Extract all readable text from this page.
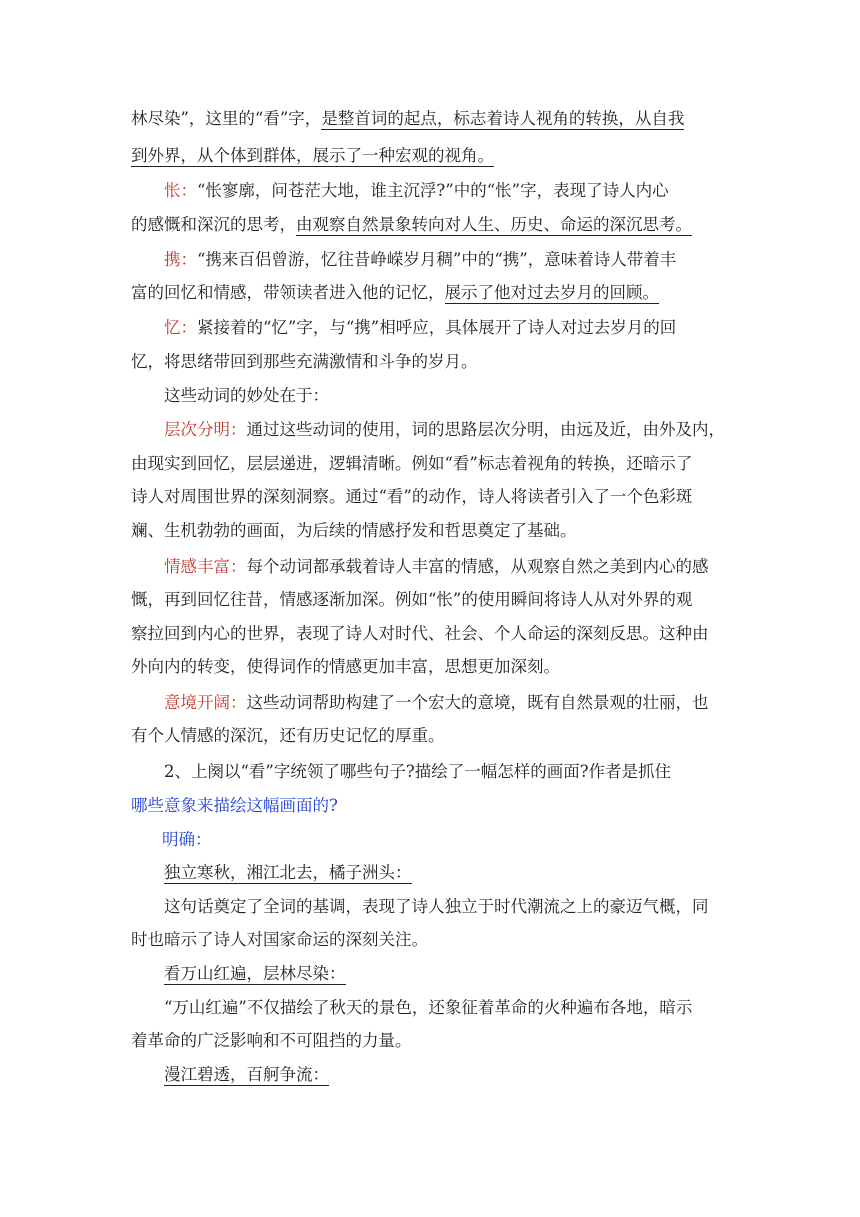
林尽染”，这里的“看”字，是整首词的起点，标志着诗人视角的转换，从自我
到外界，从个体到群体，展示了一种宏观的视角。
怅：“怅寥廓，问苍茫大地，谁主沉浮?”中的“怅”字，表现了诗人内心
的感慨和深沉的思考，由观察自然景象转向对人生、历史、命运的深沉思考。
携：“携来百侣曾游，忆往昔峥嵘岁月稠”中的“携”，意味着诗人带着丰
富的回忆和情感，带领读者进入他的记忆，展示了他对过去岁月的回顾。
忆：紧接着的“忆”字，与“携”相呼应，具体展开了诗人对过去岁月的回
忆，将思绪带回到那些充满激情和斗争的岁月。
这些动词的妙处在于：
层次分明：通过这些动词的使用，词的思路层次分明，由远及近，由外及内，
由现实到回忆，层层递进，逻辑清晰。例如“看”标志着视角的转换，还暗示了
诗人对周围世界的深刻洞察。通过“看”的动作，诗人将读者引入了一个色彩斑
斓、生机勃勃的画面，为后续的情感抒发和哲思奠定了基础。
情感丰富：每个动词都承载着诗人丰富的情感，从观察自然之美到内心的感
慨，再到回忆往昔，情感逐渐加深。例如“怅”的使用瞬间将诗人从对外界的观
察拉回到内心的世界，表现了诗人对时代、社会、个人命运的深刻反思。这种由
外向内的转变，使得词作的情感更加丰富，思想更加深刻。
意境开阔：这些动词帮助构建了一个宏大的意境，既有自然景观的壮丽，也
有个人情感的深沉，还有历史记忆的厚重。
2、上阕以“看”字统领了哪些句子?描绘了一幅怎样的画面?作者是抓住
哪些意象来描绘这幅画面的?
明确：
独立寒秋，湘江北去，橘子洲头：
这句话奠定了全词的基调，表现了诗人独立于时代潮流之上的豪迈气概，同
时也暗示了诗人对国家命运的深刻关注。
看万山红遍，层林尽染：
“万山红遍”不仅描绘了秋天的景色，还象征着革命的火种遍布各地，暗示
着革命的广泛影响和不可阻挡的力量。
漫江碧透，百舸争流：
